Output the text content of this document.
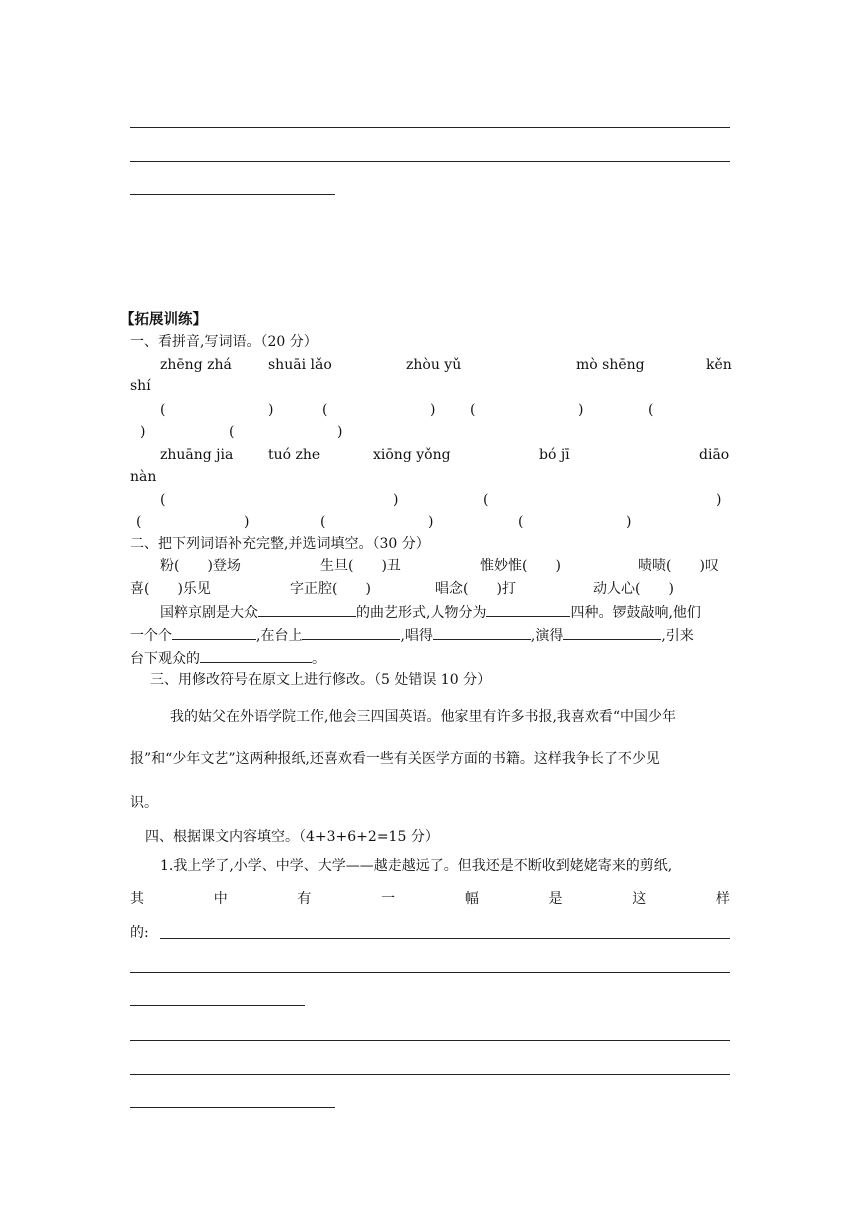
【拓展训练】
一、看拼音,写词语。（20 分）
zhēng zhá	shuāi lǎo	zhòu yǔ	mò shēng	kěn
shí
(	)	(	) (	)	(
)	(	)
zhuāng jia tuó zhe	xiōng yǒng	bó jī	diāo
nàn
(	)	(	)
(	)	(	)	(	)
二、把下列词语补充完整,并选词填空。（30 分）
粉(　　)登场	生旦(　　)丑	惟妙惟(　　)	啧啧(　　)叹
喜(　　)乐见	字正腔(　　)	唱念(　　)打	动人心(　　)
国粹京剧是大众	的曲艺形式,人物分为	四种。锣鼓敲响,他们
一个个	,在台上	,唱得	,演得	,引来
台下观众的	。
三、用修改符号在原文上进行修改。（5 处错误 10 分）
我的姑父在外语学院工作,他会三四国英语。他家里有许多书报,我喜欢看“中国少年
报”和“少年文艺”这两种报纸,还喜欢看一些有关医学方面的书籍。这样我争长了不少见
识。
四、根据课文内容填空。（4+3+6+2=15 分）
1.我上学了,小学、中学、大学——越走越远了。但我还是不断收到姥姥寄来的剪纸,
其	中	有	一	幅	是	这	样
的:
